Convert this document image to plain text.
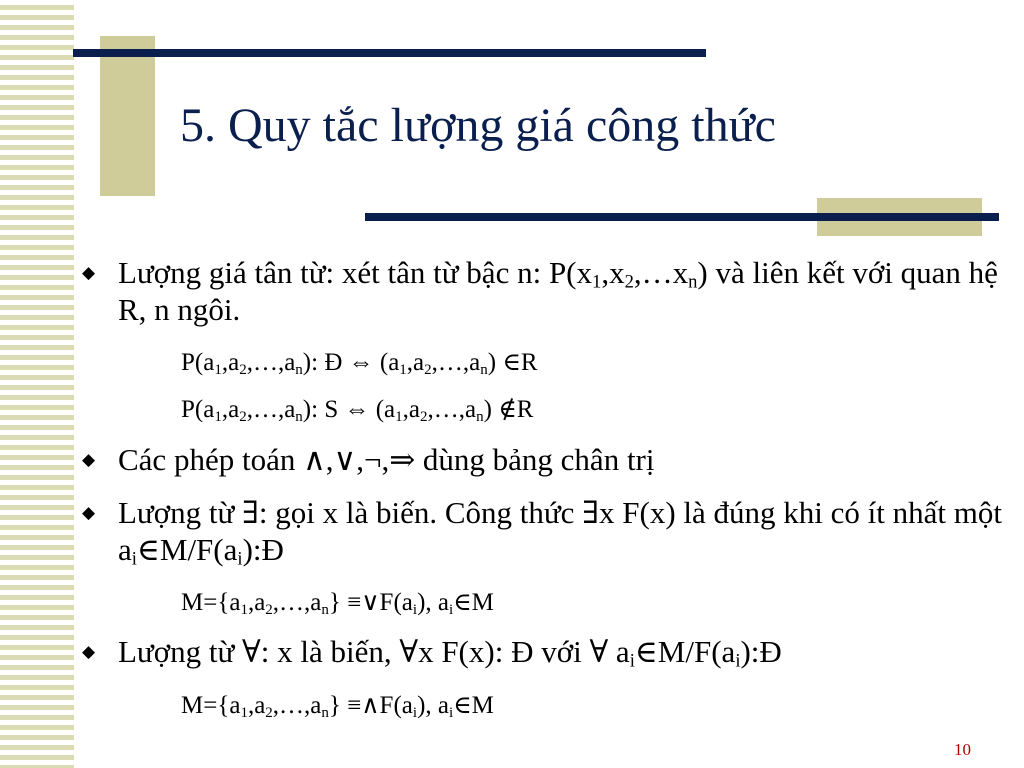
5. Quy tắc lượng giá công thức
◆ Lượng giá tân từ: xét tân từ bậc n: $P(x_1,x_2,\dots x_n)$ và liên kết với quan hệ R, n ngôi.
$P(a_1,a_2,\dots,a_n)$: Đ ⇔ $(a_1,a_2,\dots,a_n)$ ∈R
$P(a_1,a_2,\dots,a_n)$: S ⇔ $(a_1,a_2,\dots,a_n)$ ∉R
◆ Các phép toán ∧,∨,¬,⇒ dùng bảng chân trị
◆ Lượng từ ∃: gọi x là biến. Công thức ∃x F(x) là đúng khi có ít nhất một $a_i\in M/F(a_i):Đ$
$M=\{a_1,a_2,\dots,a_n\}$ $\equiv\vee F(a_i)$, $a_i\in M$
◆ Lượng từ ∀: x là biến, ∀x F(x): Đ với ∀ $a_i\in M/F(a_i):Đ$
$M=\{a_1,a_2,\dots,a_n\}$ $\equiv\wedge F(a_i)$, $a_i\in M$
10
